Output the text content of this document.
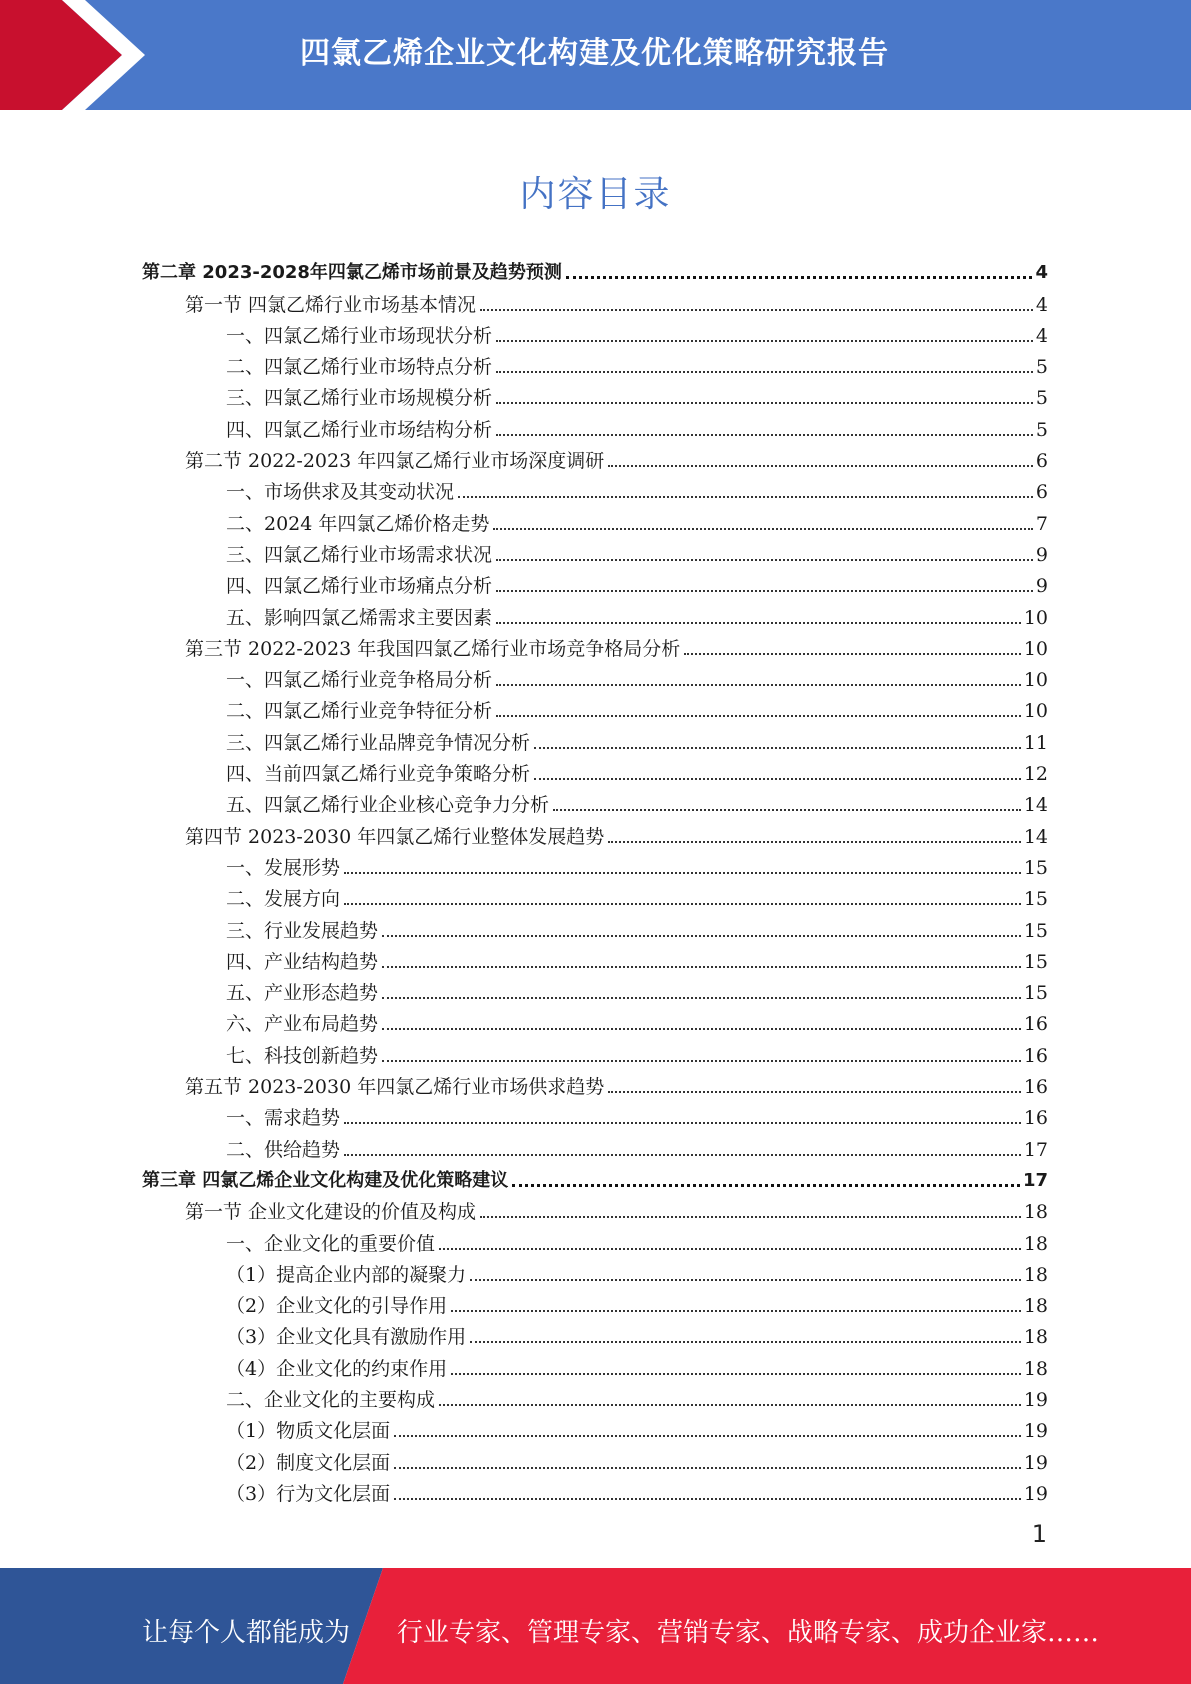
四氯乙烯企业文化构建及优化策略研究报告
内容目录
第二章 2023-2028年四氯乙烯市场前景及趋势预测	4
第一节 四氯乙烯行业市场基本情况	4
一、四氯乙烯行业市场现状分析	4
二、四氯乙烯行业市场特点分析	5
三、四氯乙烯行业市场规模分析	5
四、四氯乙烯行业市场结构分析	5
第二节 2022-2023 年四氯乙烯行业市场深度调研	6
一、市场供求及其变动状况	6
二、2024 年四氯乙烯价格走势	7
三、四氯乙烯行业市场需求状况	9
四、四氯乙烯行业市场痛点分析	9
五、影响四氯乙烯需求主要因素	10
第三节 2022-2023 年我国四氯乙烯行业市场竞争格局分析	10
一、四氯乙烯行业竞争格局分析	10
二、四氯乙烯行业竞争特征分析	10
三、四氯乙烯行业品牌竞争情况分析	11
四、当前四氯乙烯行业竞争策略分析	12
五、四氯乙烯行业企业核心竞争力分析	14
第四节 2023-2030 年四氯乙烯行业整体发展趋势	14
一、发展形势	15
二、发展方向	15
三、行业发展趋势	15
四、产业结构趋势	15
五、产业形态趋势	15
六、产业布局趋势	16
七、科技创新趋势	16
第五节 2023-2030 年四氯乙烯行业市场供求趋势	16
一、需求趋势	16
二、供给趋势	17
第三章 四氯乙烯企业文化构建及优化策略建议	17
第一节 企业文化建设的价值及构成	18
一、企业文化的重要价值	18
（1）提高企业内部的凝聚力	18
（2）企业文化的引导作用	18
（3）企业文化具有激励作用	18
（4）企业文化的约束作用	18
二、企业文化的主要构成	19
（1）物质文化层面	19
（2）制度文化层面	19
（3）行为文化层面	19
1
让每个人都能成为 行业专家、管理专家、营销专家、战略专家、成功企业家……
